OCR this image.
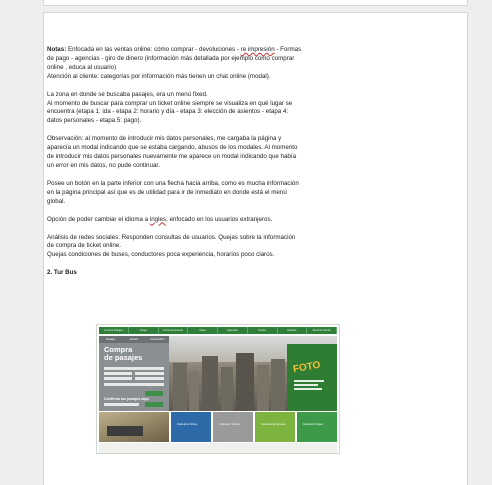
Notas: Enfocada en las ventas online: cómo comprar - devoluciones - re impresión - Formas

de pago - agencias - giro de dinero (información más detallada por ejemplo como comprar

online , educa al usuario)

Atención al cliente: categorías por información más tienen un chat online (modal).

La zona en donde se buscaba pasajes, era un menú fixed.

Al momento de buscar para comprar un ticket online siempre se visualiza en qué lugar se

encuentra (etapa 1: ida - etapa 2: horario y día - etapa 3: elección de asientos - etapa 4:

datos personales - etapa 5: pago).

Observación: al momento de introducir mis datos personales, me cargaba la página y

aparecía un modal indicando que se estaba cargando, abusos de los modales. Al momento

de introducir mis datos personales nuevamente me aparece un modal indicando que había

un error en mis datos, no pude continuar.

Posee un botón en la parte inferior con una flecha hacia arriba, como es mucha información

en la página principal así que es de utilidad para ir de inmediato en donde está el menú

global.

Opción de poder cambiar el idioma a ingles, enfocado en los usuarios extranjeros.

Análisis de redes sociales: Responden consultas de usuarios. Quejas sobre la información

de compra de ticket online.

Quejas condiciones de buses, conductores poca experiencia, horarios poco claros.

2. Tur Bus

Compra Pasajes	Carga	Turbus Empresas	Viajes	Agencias	Turbus	Noticias	Servicio Cliente
Pasajes	Horario	Cancelación
Compra
de pasajes
Confirma tus pasajes aquí
FOTO
Cartelera Online	Cartelera Turbus	Cartelera Empresas	Cartelera Viajes
